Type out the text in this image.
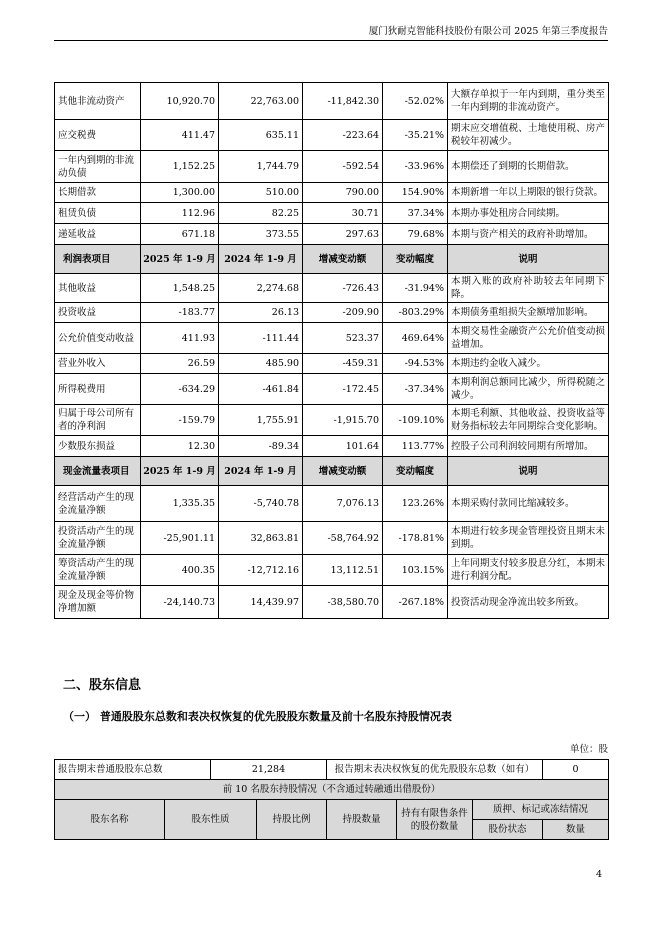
厦门狄耐克智能科技股份有限公司 2025 年第三季度报告
其他非流动资产	10,920.70	22,763.00	-11,842.30	-52.02%	大额存单拟于一年内到期，重分类至一年内到期的非流动资产。
应交税费	411.47	635.11	-223.64	-35.21%	期末应交增值税、土地使用税、房产税较年初减少。
一年内到期的非流动负债	1,152.25	1,744.79	-592.54	-33.96%	本期偿还了到期的长期借款。
长期借款	1,300.00	510.00	790.00	154.90%	本期新增一年以上期限的银行贷款。
租赁负债	112.96	82.25	30.71	37.34%	本期办事处租房合同续期。
递延收益	671.18	373.55	297.63	79.68%	本期与资产相关的政府补助增加。
利润表项目	2025 年 1-9 月	2024 年 1-9 月	增减变动额	变动幅度	说明
其他收益	1,548.25	2,274.68	-726.43	-31.94%	本期入账的政府补助较去年同期下降。
投资收益	-183.77	26.13	-209.90	-803.29%	本期债务重组损失金额增加影响。
公允价值变动收益	411.93	-111.44	523.37	469.64%	本期交易性金融资产公允价值变动损益增加。
营业外收入	26.59	485.90	-459.31	-94.53%	本期违约金收入减少。
所得税费用	-634.29	-461.84	-172.45	-37.34%	本期利润总额同比减少，所得税随之减少。
归属于母公司所有者的净利润	-159.79	1,755.91	-1,915.70	-109.10%	本期毛利额、其他收益、投资收益等财务指标较去年同期综合变化影响。
少数股东损益	12.30	-89.34	101.64	113.77%	控股子公司利润较同期有所增加。
现金流量表项目	2025 年 1-9 月	2024 年 1-9 月	增减变动额	变动幅度	说明
经营活动产生的现金流量净额	1,335.35	-5,740.78	7,076.13	123.26%	本期采购付款同比缩减较多。
投资活动产生的现金流量净额	-25,901.11	32,863.81	-58,764.92	-178.81%	本期进行较多现金管理投资且期末未到期。
筹资活动产生的现金流量净额	400.35	-12,712.16	13,112.51	103.15%	上年同期支付较多股息分红，本期未进行利润分配。
现金及现金等价物净增加额	-24,140.73	14,439.97	-38,580.70	-267.18%	投资活动现金净流出较多所致。
二、股东信息
（一） 普通股股东总数和表决权恢复的优先股股东数量及前十名股东持股情况表
单位：股
报告期末普通股股东总数		21,284		报告期末表决权恢复的优先股股东总数（如有）			0
前 10 名股东持股情况（不含通过转融通出借股份）							
股东名称	股东性质		持股比例	持股数量	持有有限售条件的股份数量	质押、标记或冻结情况	
						股份状态	数量
4
